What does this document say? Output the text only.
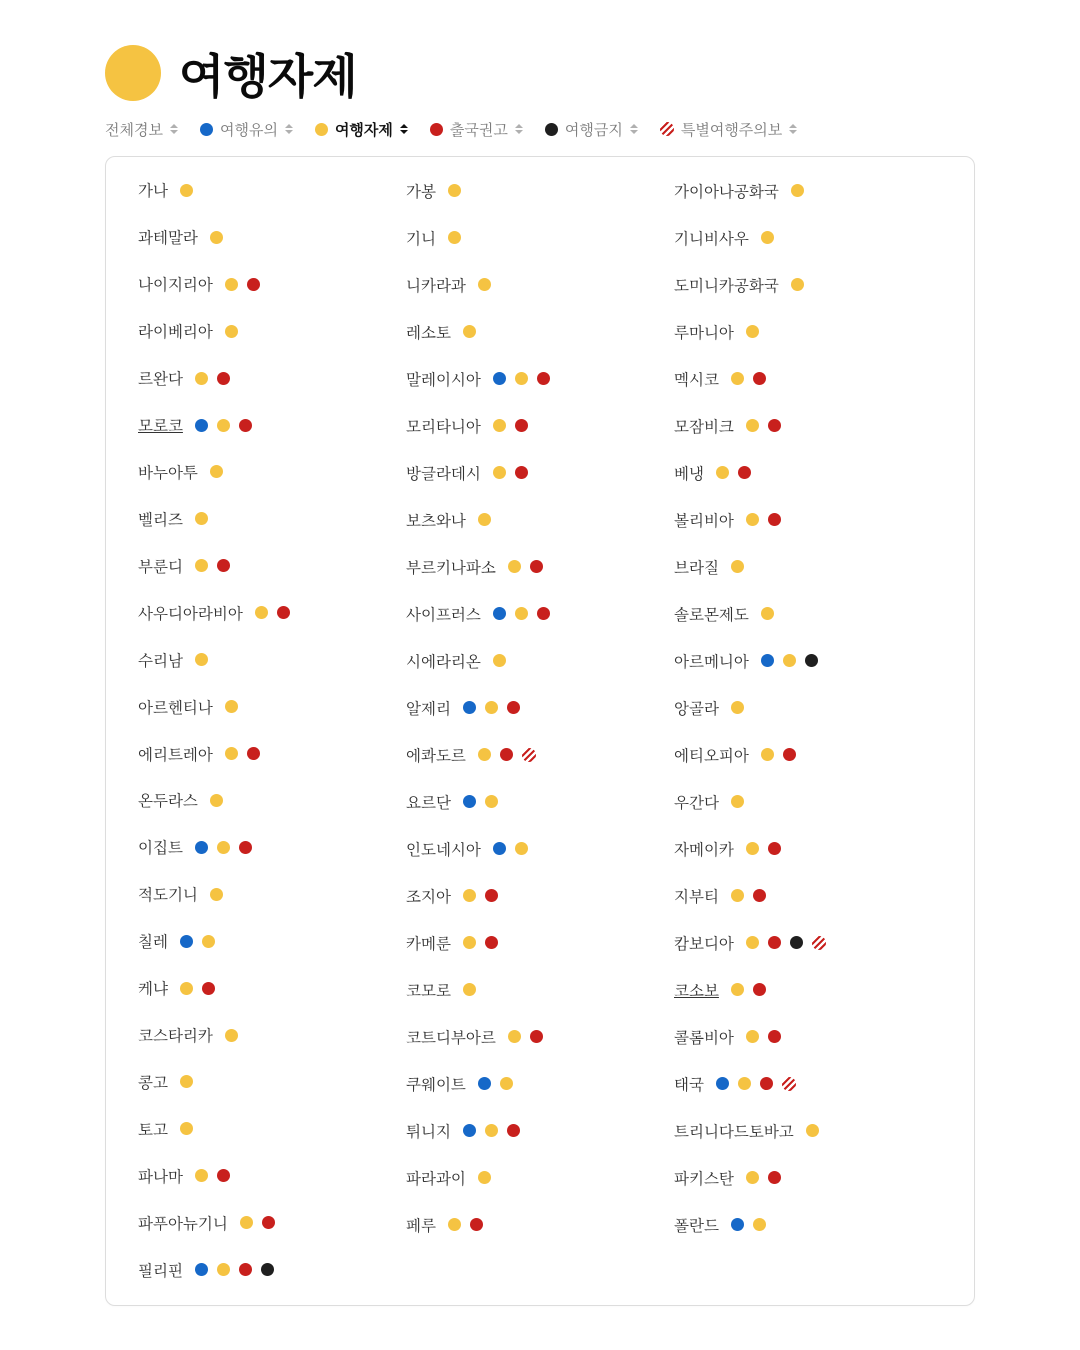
여행자제
전체경보	여행유의	여행자제	출국권고	여행금지	특별여행주의보
가나
과테말라
나이지리아
라이베리아
르완다
모로코
바누아투
벨리즈
부룬디
사우디아라비아
수리남
아르헨티나
에리트레아
온두라스
이집트
적도기니
칠레
케냐
코스타리카
콩고
토고
파나마
파푸아뉴기니
필리핀
가봉
기니
니카라과
레소토
말레이시아
모리타니아
방글라데시
보츠와나
부르키나파소
사이프러스
시에라리온
알제리
에콰도르
요르단
인도네시아
조지아
카메룬
코모로
코트디부아르
쿠웨이트
튀니지
파라과이
페루
가이아나공화국
기니비사우
도미니카공화국
루마니아
멕시코
모잠비크
베냉
볼리비아
브라질
솔로몬제도
아르메니아
앙골라
에티오피아
우간다
자메이카
지부티
캄보디아
코소보
콜롬비아
태국
트리니다드토바고
파키스탄
폴란드
